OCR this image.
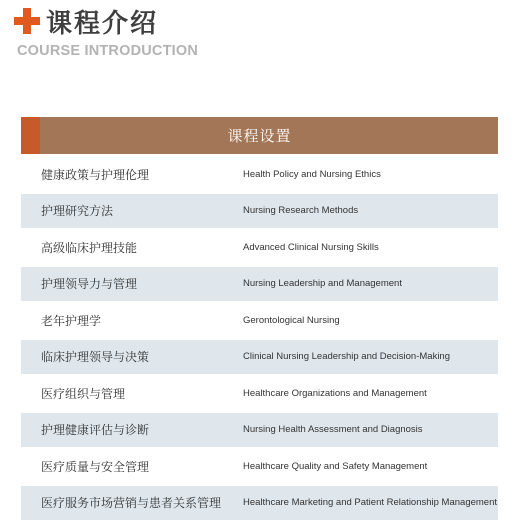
课程介绍
COURSE INTRODUCTION
课程设置
健康政策与护理伦理	Health Policy and Nursing Ethics
护理研究方法	Nursing Research Methods
高级临床护理技能	Advanced Clinical Nursing Skills
护理领导力与管理	Nursing Leadership and Management
老年护理学	Gerontological Nursing
临床护理领导与决策	Clinical Nursing Leadership and Decision-Making
医疗组织与管理	Healthcare Organizations and Management
护理健康评估与诊断	Nursing Health Assessment and Diagnosis
医疗质量与安全管理	Healthcare Quality and Safety Management
医疗服务市场营销与患者关系管理	Healthcare Marketing and Patient Relationship Management
